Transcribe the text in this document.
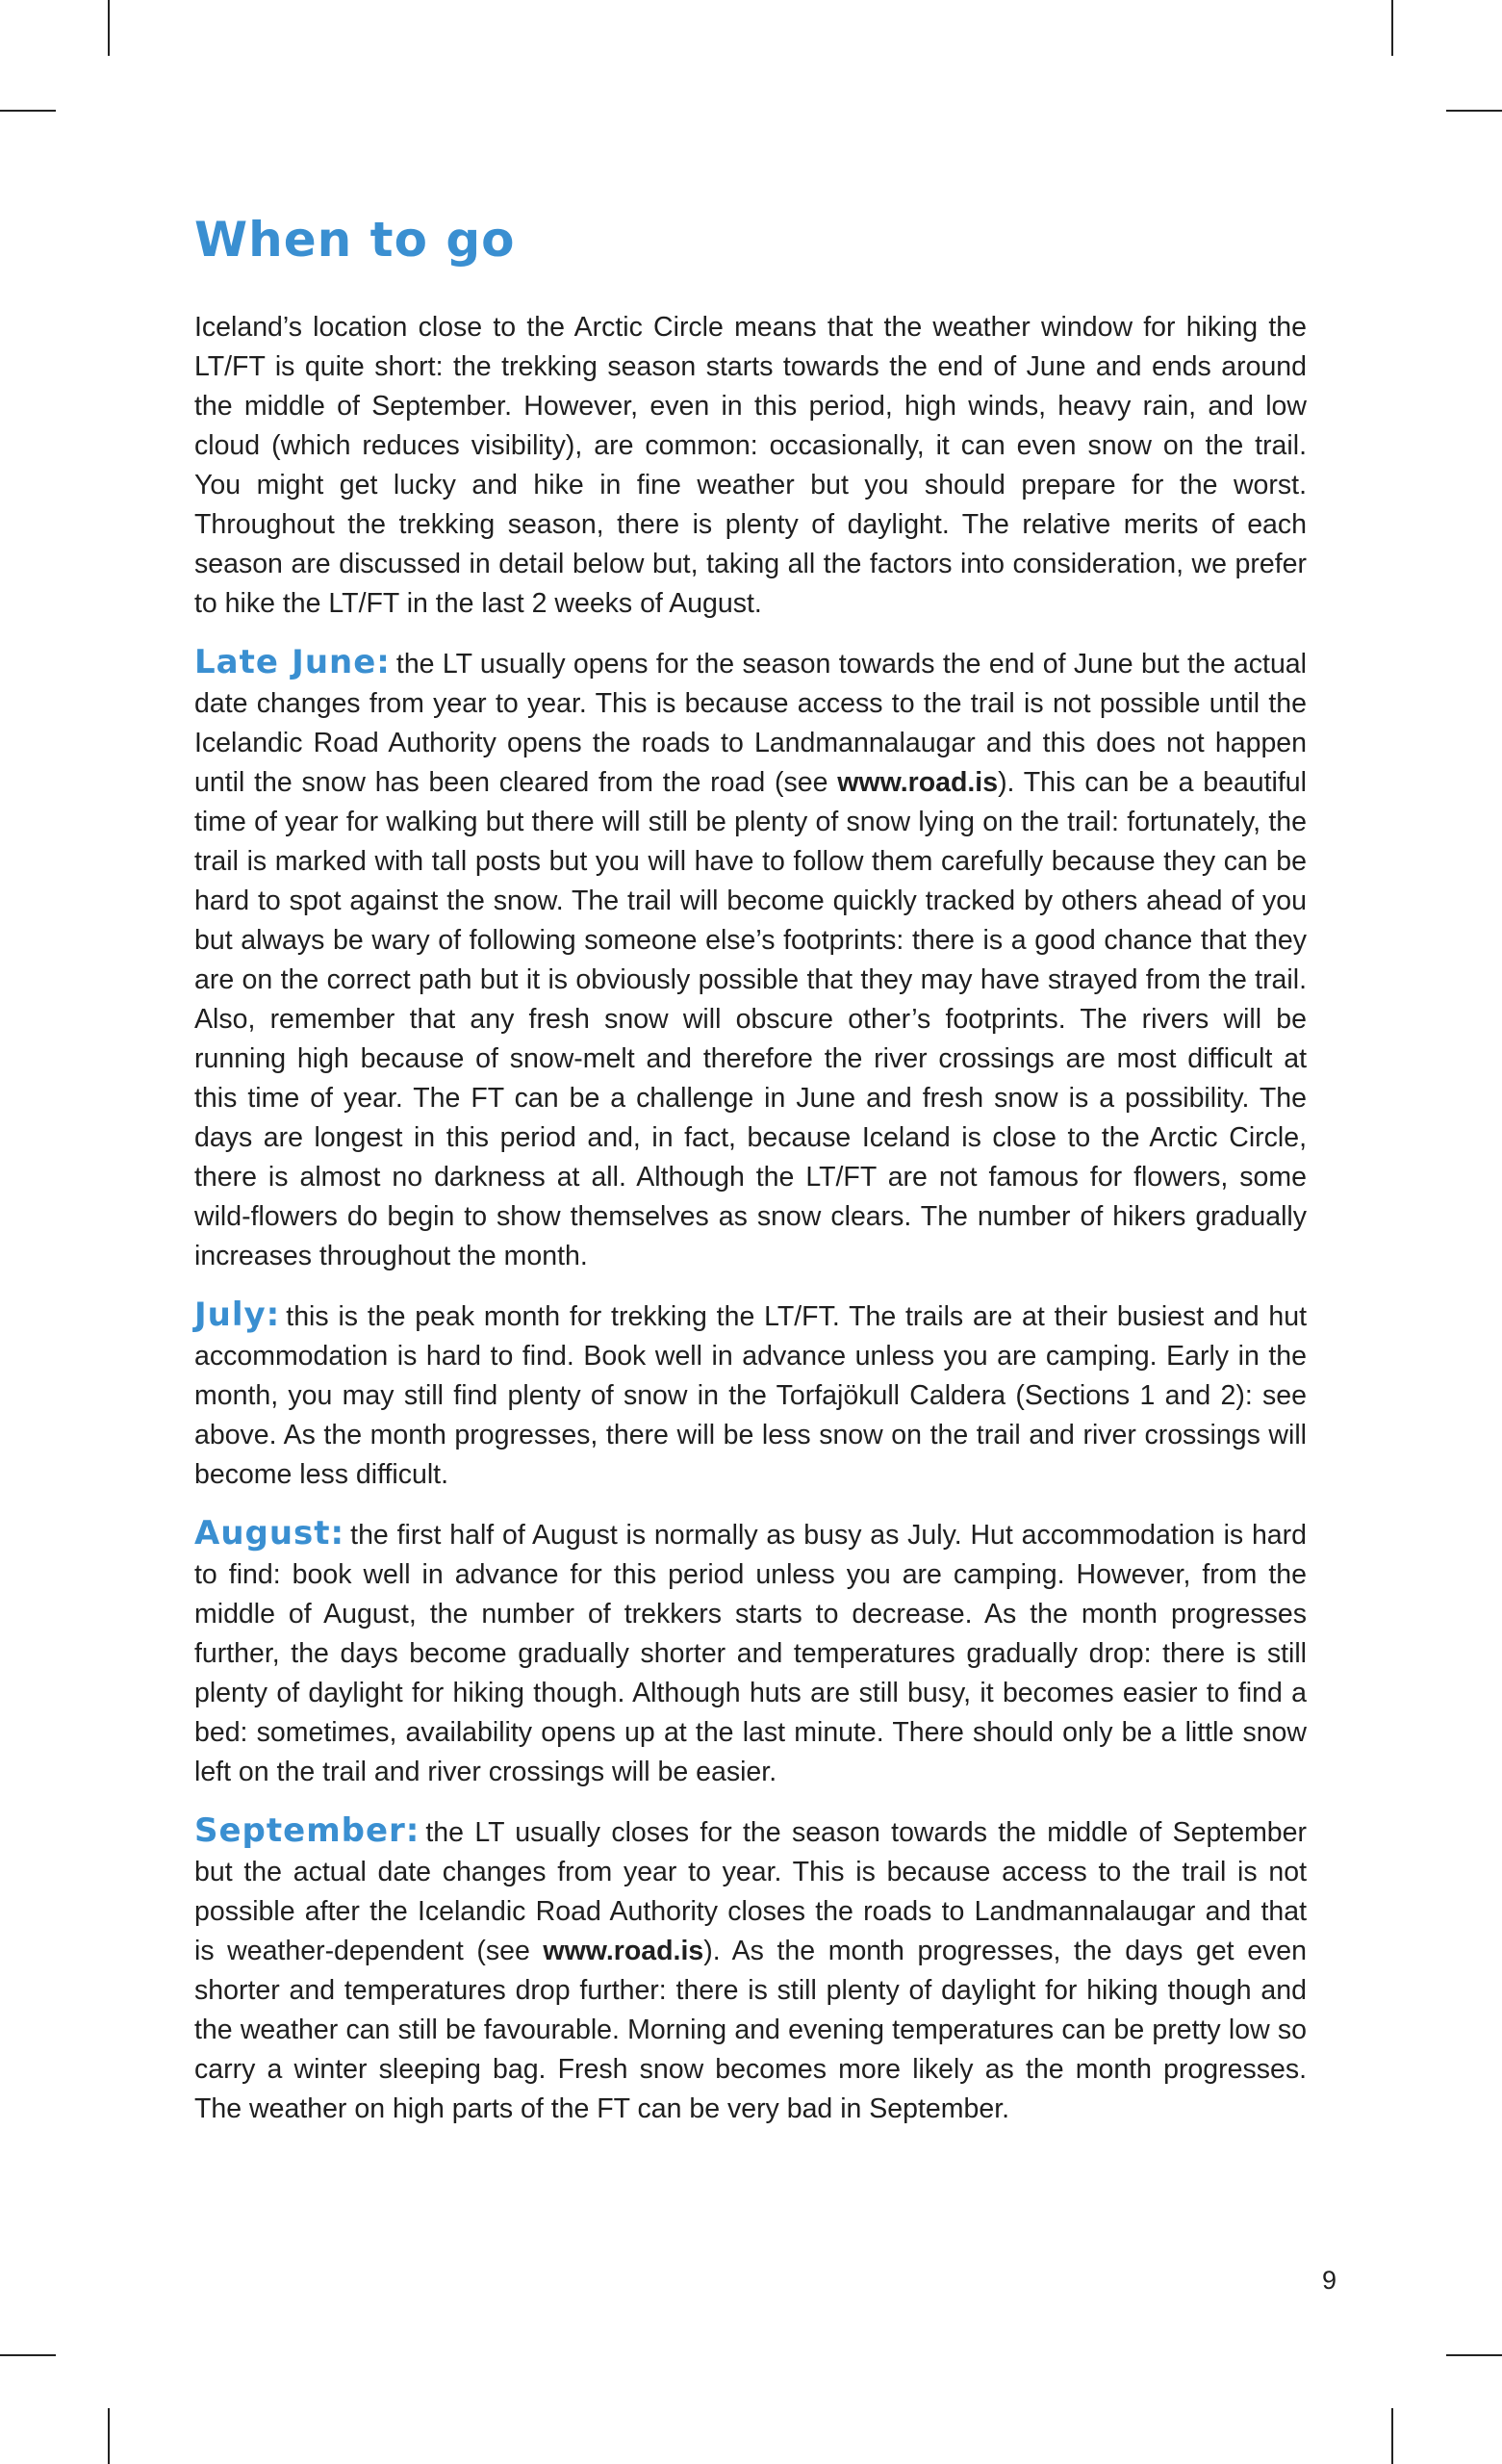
When to go

Iceland’s location close to the Arctic Circle means that the weather window for hiking the LT/FT is quite short: the trekking season starts towards the end of June and ends around the middle of September. However, even in this period, high winds, heavy rain, and low cloud (which reduces visibility), are common: occasionally, it can even snow on the trail. You might get lucky and hike in fine weather but you should prepare for the worst. Throughout the trekking season, there is plenty of daylight. The relative merits of each season are discussed in detail below but, taking all the factors into consideration, we prefer to hike the LT/FT in the last 2 weeks of August.

Late June: the LT usually opens for the season towards the end of June but the actual date changes from year to year. This is because access to the trail is not possible until the Icelandic Road Authority opens the roads to Landmannalaugar and this does not happen until the snow has been cleared from the road (see www.road.is). This can be a beautiful time of year for walking but there will still be plenty of snow lying on the trail: fortunately, the trail is marked with tall posts but you will have to follow them carefully because they can be hard to spot against the snow. The trail will become quickly tracked by others ahead of you but always be wary of following someone else’s footprints: there is a good chance that they are on the correct path but it is obviously possible that they may have strayed from the trail. Also, remember that any fresh snow will obscure other’s footprints. The rivers will be running high because of snow-melt and therefore the river crossings are most difficult at this time of year. The FT can be a challenge in June and fresh snow is a possibility. The days are longest in this period and, in fact, because Iceland is close to the Arctic Circle, there is almost no darkness at all. Although the LT/FT are not famous for flowers, some wild-flowers do begin to show themselves as snow clears. The number of hikers gradually increases throughout the month.

July: this is the peak month for trekking the LT/FT. The trails are at their busiest and hut accommodation is hard to find. Book well in advance unless you are camping. Early in the month, you may still find plenty of snow in the Torfajökull Caldera (Sections 1 and 2): see above. As the month progresses, there will be less snow on the trail and river crossings will become less difficult.

August: the first half of August is normally as busy as July. Hut accommodation is hard to find: book well in advance for this period unless you are camping. However, from the middle of August, the number of trekkers starts to decrease. As the month progresses further, the days become gradually shorter and temperatures gradually drop: there is still plenty of daylight for hiking though. Although huts are still busy, it becomes easier to find a bed: sometimes, availability opens up at the last minute. There should only be a little snow left on the trail and river crossings will be easier.

September: the LT usually closes for the season towards the middle of September but the actual date changes from year to year. This is because access to the trail is not possible after the Icelandic Road Authority closes the roads to Landmannalaugar and that is weather-dependent (see www.road.is). As the month progresses, the days get even shorter and temperatures drop further: there is still plenty of daylight for hiking though and the weather can still be favourable. Morning and evening temperatures can be pretty low so carry a winter sleeping bag. Fresh snow becomes more likely as the month progresses. The weather on high parts of the FT can be very bad in September.

9
